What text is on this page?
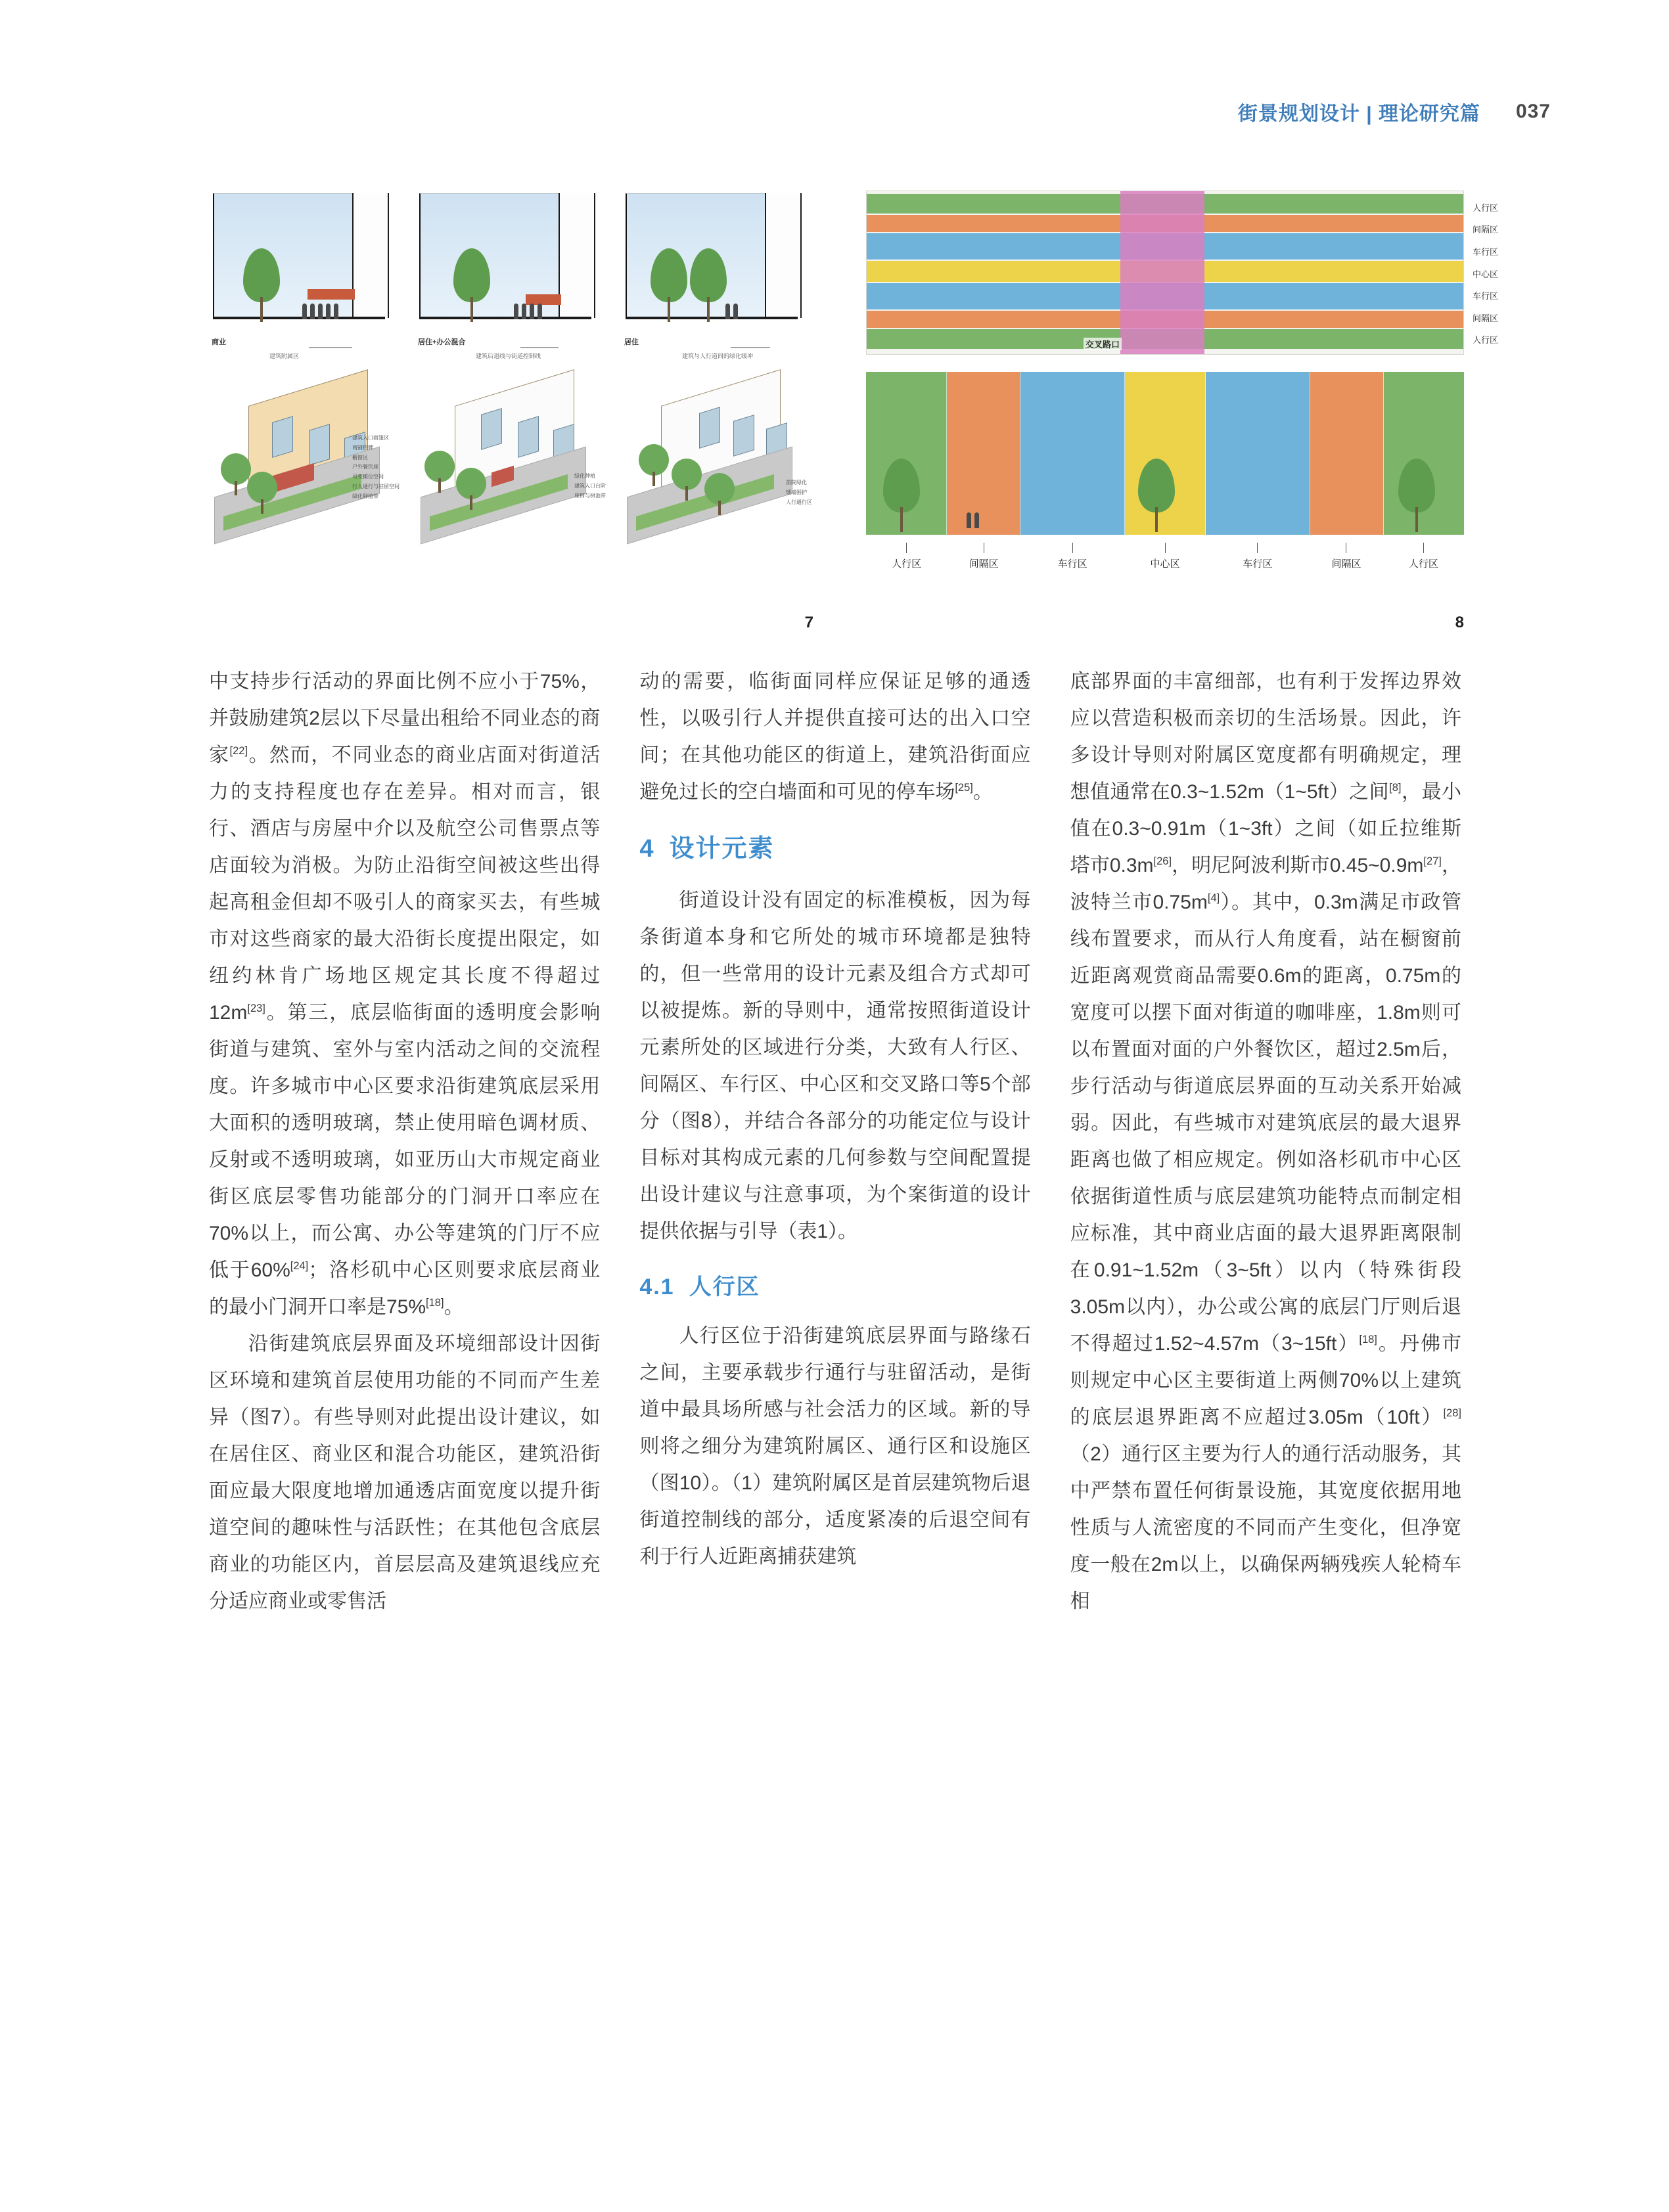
街景规划设计 | 理论研究篇 037
商业
建筑附属区
居住+办公混合
建筑后退线与街道控制线
居住
建筑与人行道间的绿化缓冲
建筑入口雨篷区
商铺招牌
橱窗区
户外餐饮座
可变摊位空间
行人通行与驻留空间
绿化种植带
绿化种植
建筑入口台阶
座椅与树池带
前院绿化
矮墙围护
人行通行区
7
交叉路口
人行区
间隔区
车行区
中心区
车行区
间隔区
人行区
人行区	间隔区	车行区	中心区	车行区	间隔区	人行区
8

中支持步行活动的界面比例不应小于75%，并鼓励建筑2层以下尽量出租给不同业态的商家[22]。然而，不同业态的商业店面对街道活力的支持程度也存在差异。相对而言，银行、酒店与房屋中介以及航空公司售票点等店面较为消极。为防止沿街空间被这些出得起高租金但却不吸引人的商家买去，有些城市对这些商家的最大沿街长度提出限定，如纽约林肯广场地区规定其长度不得超过12m[23]。第三，底层临街面的透明度会影响街道与建筑、室外与室内活动之间的交流程度。许多城市中心区要求沿街建筑底层采用大面积的透明玻璃，禁止使用暗色调材质、反射或不透明玻璃，如亚历山大市规定商业街区底层零售功能部分的门洞开口率应在70%以上，而公寓、办公等建筑的门厅不应低于60%[24]；洛杉矶中心区则要求底层商业的最小门洞开口率是75%[18]。

沿街建筑底层界面及环境细部设计因街区环境和建筑首层使用功能的不同而产生差异（图7）。有些导则对此提出设计建议，如在居住区、商业区和混合功能区，建筑沿街面应最大限度地增加通透店面宽度以提升街道空间的趣味性与活跃性；在其他包含底层商业的功能区内，首层层高及建筑退线应充分适应商业或零售活

动的需要，临街面同样应保证足够的通透性，以吸引行人并提供直接可达的出入口空间；在其他功能区的街道上，建筑沿街面应避免过长的空白墙面和可见的停车场[25]。

4 设计元素

街道设计没有固定的标准模板，因为每条街道本身和它所处的城市环境都是独特的，但一些常用的设计元素及组合方式却可以被提炼。新的导则中，通常按照街道设计元素所处的区域进行分类，大致有人行区、间隔区、车行区、中心区和交叉路口等5个部分（图8），并结合各部分的功能定位与设计目标对其构成元素的几何参数与空间配置提出设计建议与注意事项，为个案街道的设计提供依据与引导（表1）。

4.1 人行区

人行区位于沿街建筑底层界面与路缘石之间，主要承载步行通行与驻留活动，是街道中最具场所感与社会活力的区域。新的导则将之细分为建筑附属区、通行区和设施区（图10）。（1）建筑附属区是首层建筑物后退街道控制线的部分，适度紧凑的后退空间有利于行人近距离捕获建筑

底部界面的丰富细部，也有利于发挥边界效应以营造积极而亲切的生活场景。因此，许多设计导则对附属区宽度都有明确规定，理想值通常在0.3~1.52m（1~5ft）之间[8]，最小值在0.3~0.91m（1~3ft）之间（如丘拉维斯塔市0.3m[26]，明尼阿波利斯市0.45~0.9m[27]，波特兰市0.75m[4]）。其中，0.3m满足市政管线布置要求，而从行人角度看，站在橱窗前近距离观赏商品需要0.6m的距离，0.75m的宽度可以摆下面对街道的咖啡座，1.8m则可以布置面对面的户外餐饮区，超过2.5m后，步行活动与街道底层界面的互动关系开始减弱。因此，有些城市对建筑底层的最大退界距离也做了相应规定。例如洛杉矶市中心区依据街道性质与底层建筑功能特点而制定相应标准，其中商业店面的最大退界距离限制在0.91~1.52m（3~5ft）以内（特殊街段3.05m以内），办公或公寓的底层门厅则后退不得超过1.52~4.57m（3~15ft）[18]。丹佛市则规定中心区主要街道上两侧70%以上建筑的底层退界距离不应超过3.05m（10ft）[28]（2）通行区主要为行人的通行活动服务，其中严禁布置任何街景设施，其宽度依据用地性质与人流密度的不同而产生变化，但净宽度一般在2m以上，以确保两辆残疾人轮椅车相
